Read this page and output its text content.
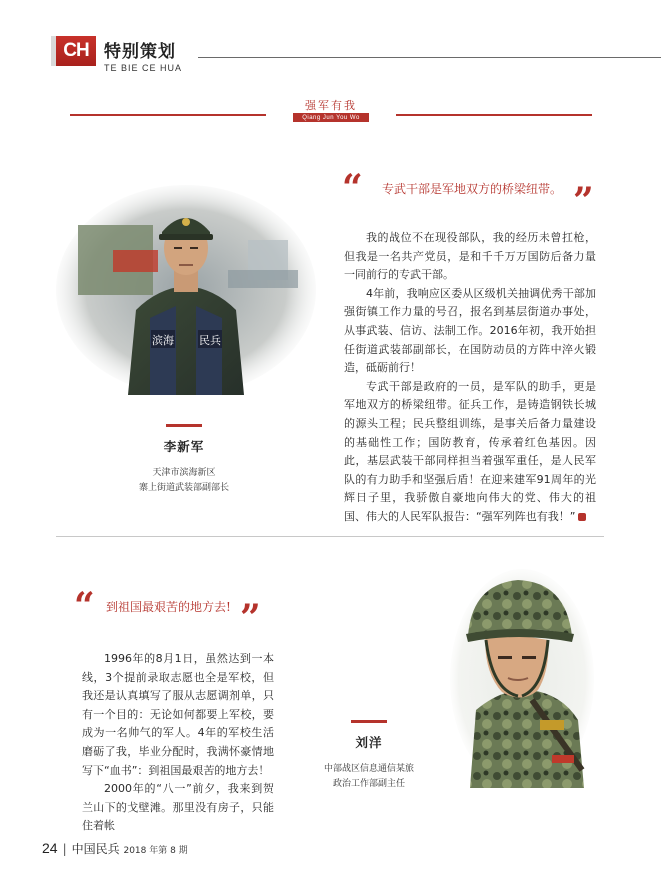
CH 特别策划
TE BIE CE HUA
强军有我
Qiang Jun You Wo
“ 专武干部是军地双方的桥梁纽带。 ”
滨海 民兵
李新军
天津市滨海新区
寨上街道武装部副部长

我的战位不在现役部队，我的经历未曾扛枪，但我是一名共产党员，是和千千万万国防后备力量一同前行的专武干部。

4年前，我响应区委从区级机关抽调优秀干部加强街镇工作力量的号召，报名到基层街道办事处，从事武装、信访、法制工作。2016年初，我开始担任街道武装部副部长，在国防动员的方阵中淬火锻造，砥砺前行！

专武干部是政府的一员，是军队的助手，更是军地双方的桥梁纽带。征兵工作，是铸造钢铁长城的源头工程；民兵整组训练，是事关后备力量建设的基础性工作；国防教育，传承着红色基因。因此，基层武装干部同样担当着强军重任，是人民军队的有力助手和坚强后盾！在迎来建军91周年的光辉日子里，我骄傲自豪地向伟大的党、伟大的祖国、伟大的人民军队报告：“强军列阵也有我！”

“ 到祖国最艰苦的地方去! ”

1996年的8月1日，虽然达到一本线，3个提前录取志愿也全是军校，但我还是认真填写了服从志愿调剂单，只有一个目的：无论如何都要上军校，要成为一名帅气的军人。4年的军校生活磨砺了我，毕业分配时，我满怀豪情地写下“血书”：到祖国最艰苦的地方去！

2000年的“八一”前夕，我来到贺兰山下的戈壁滩。那里没有房子，只能住着帐

刘洋
中部战区信息通信某旅
政治工作部副主任
24 | 中国民兵 2018 年第 8 期
